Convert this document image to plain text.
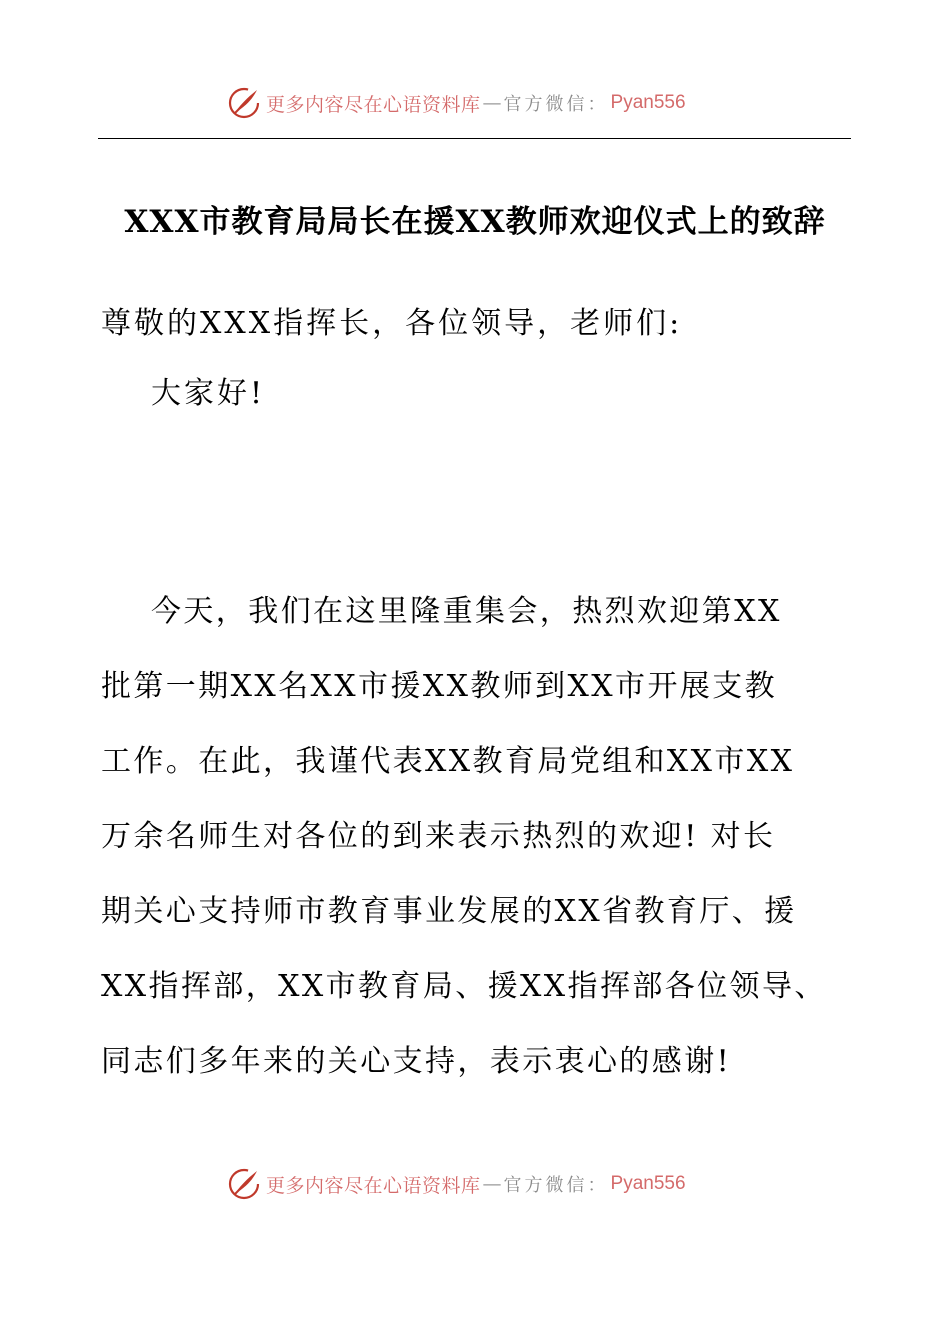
更多内容尽在心语资料库 — 官方微信： Pyan556
XXX市教育局局长在援XX教师欢迎仪式上的致辞
尊敬的XXX指挥长，各位领导，老师们:
大家好!
今天，我们在这里隆重集会，热烈欢迎第XX
批第一期XX名XX市援XX教师到XX市开展支教
工作。在此，我谨代表XX教育局党组和XX市XX
万余名师生对各位的到来表示热烈的欢迎! 对长
期关心支持师市教育事业发展的XX省教育厅、援
XX指挥部，XX市教育局、援XX指挥部各位领导、
同志们多年来的关心支持，表示衷心的感谢!
更多内容尽在心语资料库 — 官方微信： Pyan556
